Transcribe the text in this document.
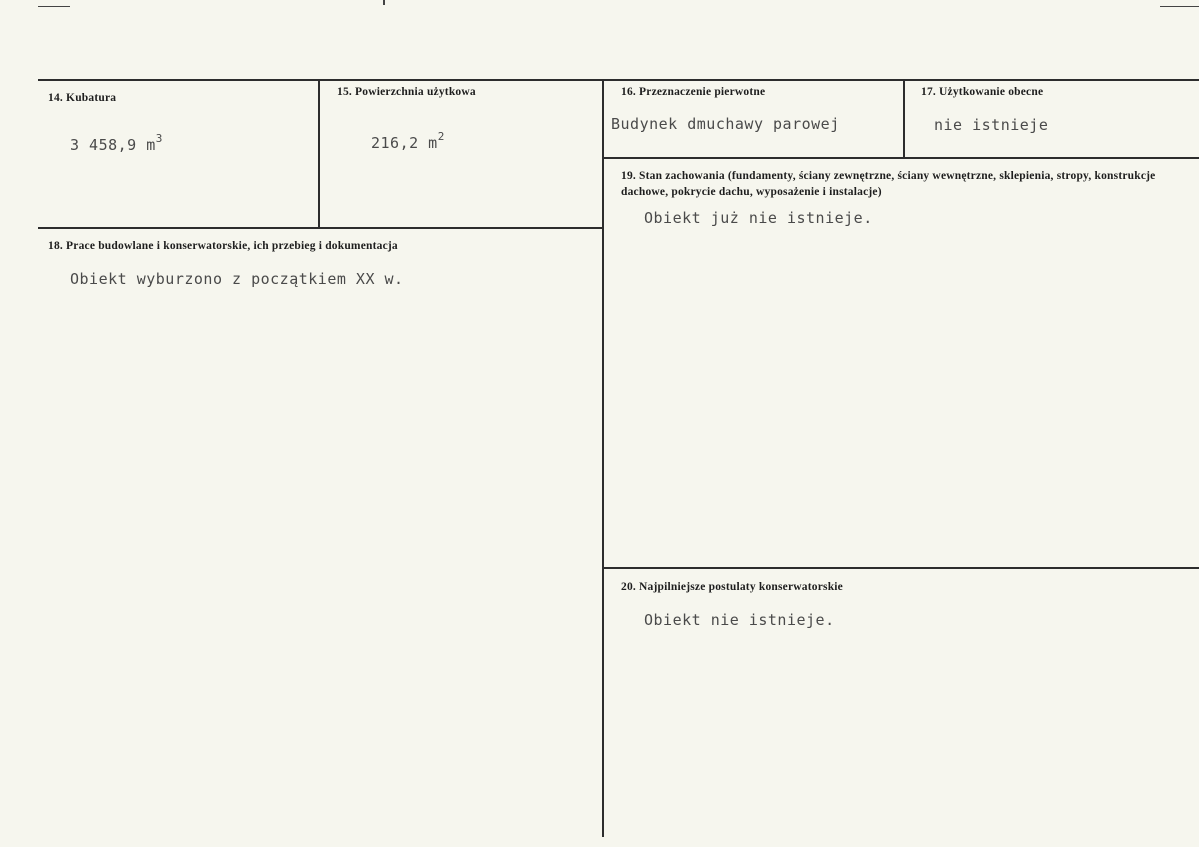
14. Kubatura
3 458,9 $m^3$
15. Powierzchnia użytkowa
216,2 $m^2$
16. Przeznaczenie pierwotne
Budynek dmuchawy parowej
17. Użytkowanie obecne
nie istnieje
18. Prace budowlane i konserwatorskie, ich przebieg i dokumentacja
Obiekt wyburzono z początkiem XX w.
19. Stan zachowania (fundamenty, ściany zewnętrzne, ściany wewnętrzne, sklepienia, stropy, konstrukcje dachowe, pokrycie dachu, wyposażenie i instalacje)
Obiekt już nie istnieje.
20. Najpilniejsze postulaty konserwatorskie
Obiekt nie istnieje.
